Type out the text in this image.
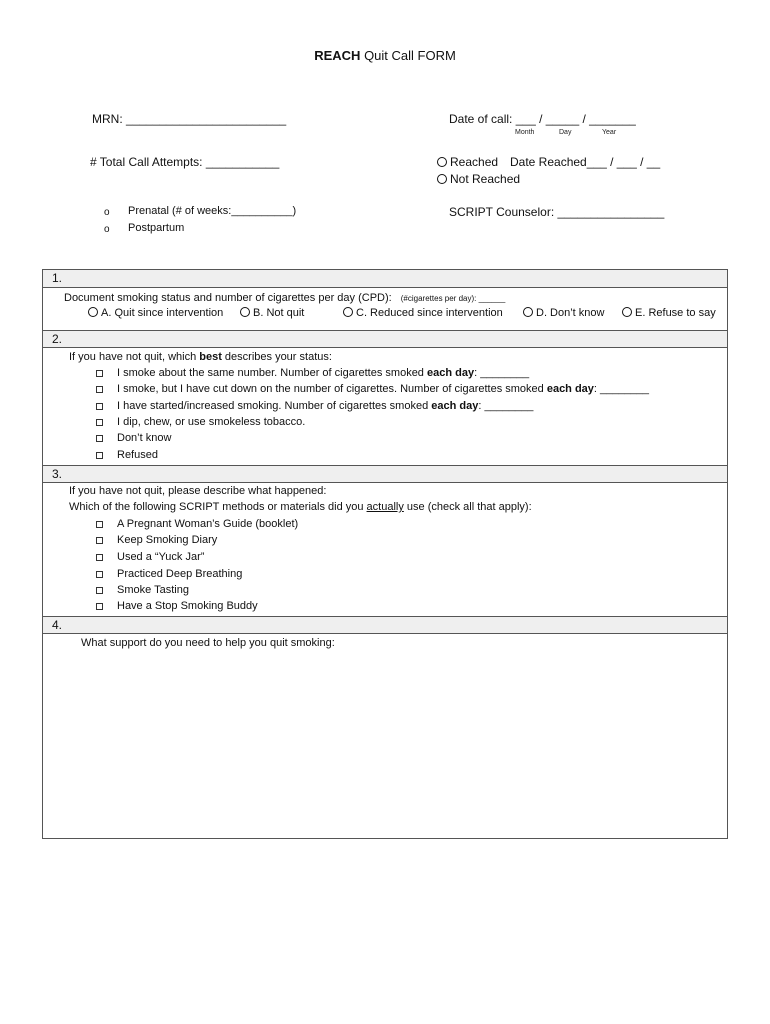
REACH Quit Call FORM
MRN: ________________________	Date of call: ___ / _____ / _______
Month	Day	Year
# Total Call Attempts: ___________	Reached Date Reached___ / ___ / __
Not Reached
o Prenatal (# of weeks:__________)
o Postpartum
SCRIPT Counselor: ________________
1.
Document smoking status and number of cigarettes per day (CPD): (#cigarettes per day): ______
A. Quit since intervention	B. Not quit	C. Reduced since intervention	D. Don’t know	E. Refuse to say
2.
If you have not quit, which best describes your status:
I smoke about the same number. Number of cigarettes smoked each day: ________
I smoke, but I have cut down on the number of cigarettes. Number of cigarettes smoked each day: ________
I have started/increased smoking. Number of cigarettes smoked each day: ________
I dip, chew, or use smokeless tobacco.
Don’t know
Refused
3.
If you have not quit, please describe what happened:
Which of the following SCRIPT methods or materials did you actually use (check all that apply):
A Pregnant Woman’s Guide (booklet)
Keep Smoking Diary
Used a “Yuck Jar”
Practiced Deep Breathing
Smoke Tasting
Have a Stop Smoking Buddy
4.
What support do you need to help you quit smoking:
